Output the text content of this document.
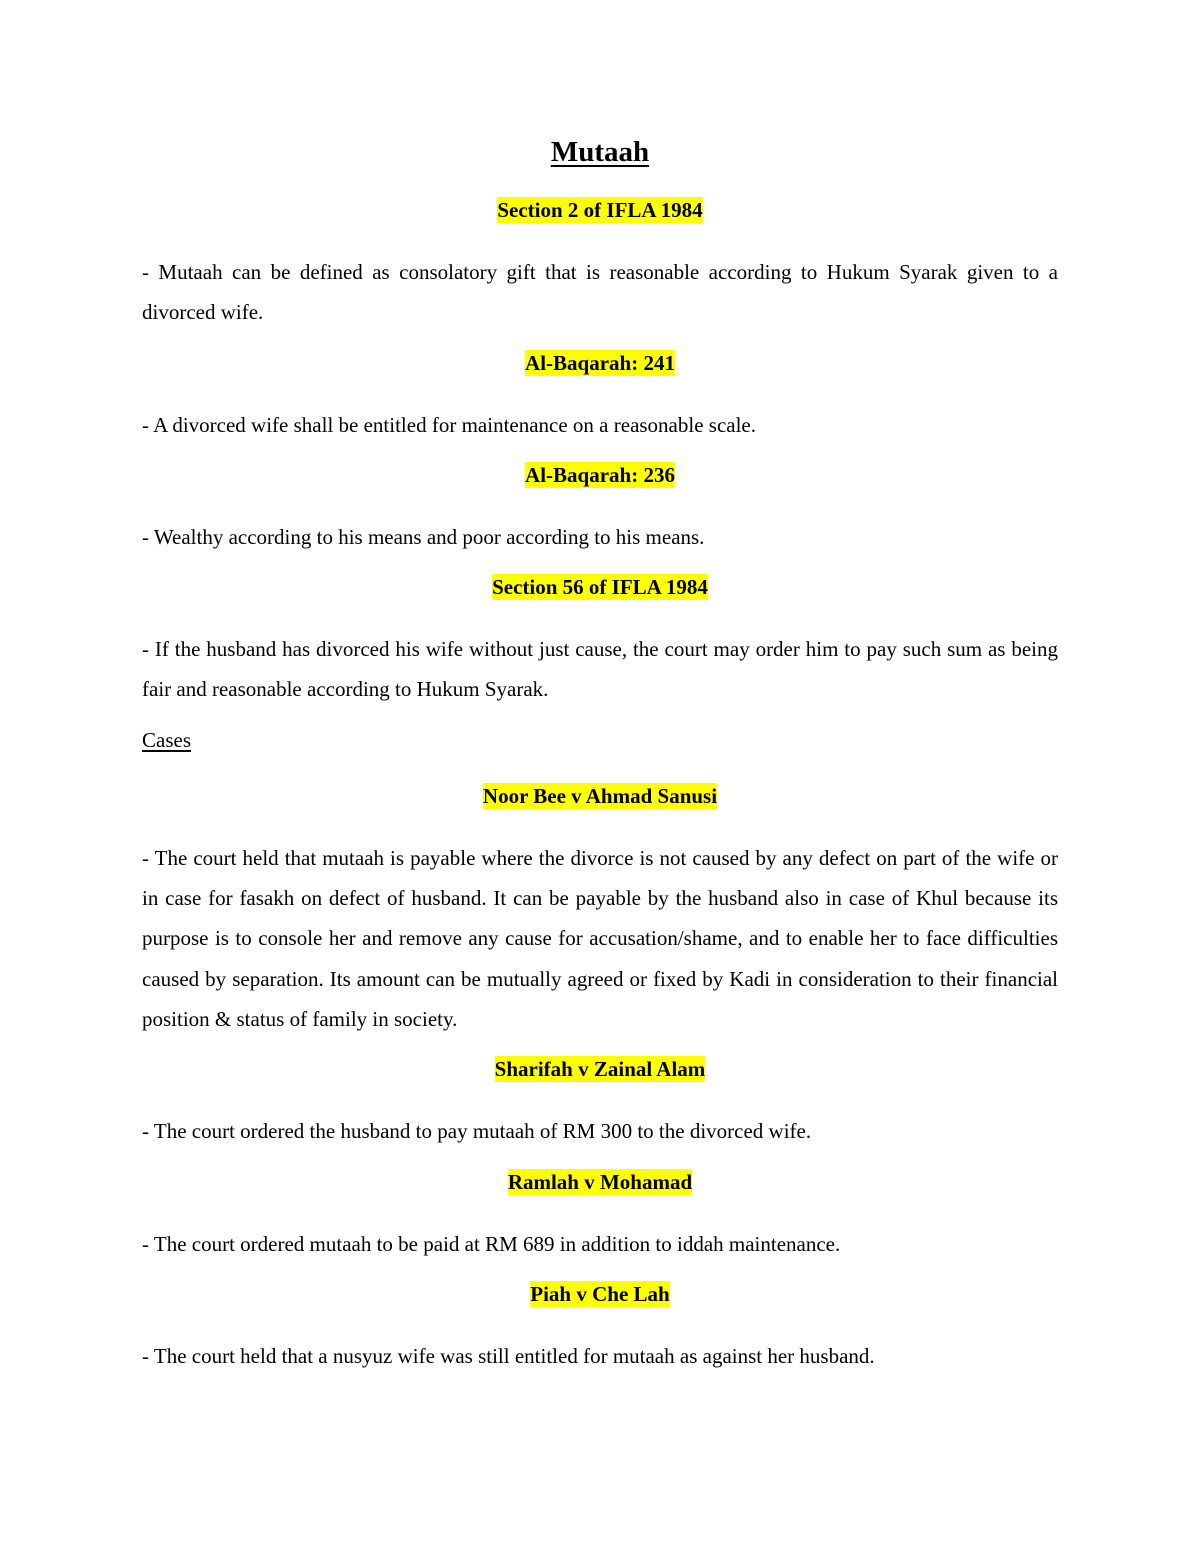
Mutaah
Section 2 of IFLA 1984

- Mutaah can be defined as consolatory gift that is reasonable according to Hukum Syarak given to a divorced wife.

Al-Baqarah: 241

- A divorced wife shall be entitled for maintenance on a reasonable scale.

Al-Baqarah: 236

- Wealthy according to his means and poor according to his means.

Section 56 of IFLA 1984

- If the husband has divorced his wife without just cause, the court may order him to pay such sum as being fair and reasonable according to Hukum Syarak.

Cases
Noor Bee v Ahmad Sanusi

- The court held that mutaah is payable where the divorce is not caused by any defect on part of the wife or in case for fasakh on defect of husband. It can be payable by the husband also in case of Khul because its purpose is to console her and remove any cause for accusation/shame, and to enable her to face difficulties caused by separation. Its amount can be mutually agreed or fixed by Kadi in consideration to their financial position & status of family in society.

Sharifah v Zainal Alam

- The court ordered the husband to pay mutaah of RM 300 to the divorced wife.

Ramlah v Mohamad

- The court ordered mutaah to be paid at RM 689 in addition to iddah maintenance.

Piah v Che Lah

- The court held that a nusyuz wife was still entitled for mutaah as against her husband.
